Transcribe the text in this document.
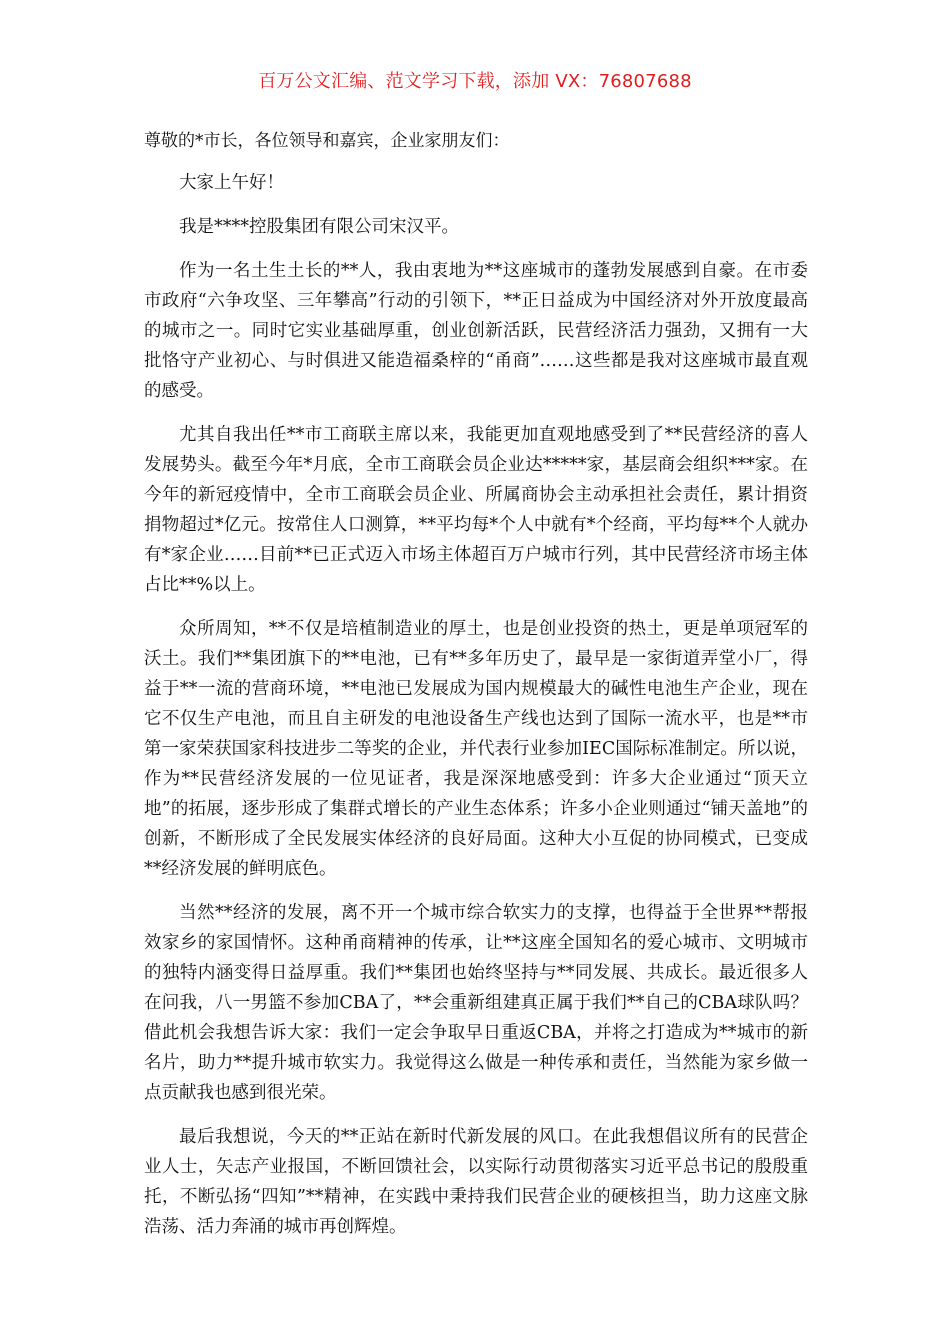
百万公文汇编、范文学习下载，添加 VX：76807688

尊敬的*市长，各位领导和嘉宾，企业家朋友们：

大家上午好！

我是****控股集团有限公司宋汉平。

作为一名土生土长的**人，我由衷地为**这座城市的蓬勃发展感到自豪。在市委市政府“六争攻坚、三年攀高”行动的引领下，**正日益成为中国经济对外开放度最高的城市之一。同时它实业基础厚重，创业创新活跃，民营经济活力强劲，又拥有一大批恪守产业初心、与时俱进又能造福桑梓的“甬商”……这些都是我对这座城市最直观的感受。

尤其自我出任**市工商联主席以来，我能更加直观地感受到了**民营经济的喜人发展势头。截至今年*月底，全市工商联会员企业达*****家，基层商会组织***家。在今年的新冠疫情中，全市工商联会员企业、所属商协会主动承担社会责任，累计捐资捐物超过*亿元。按常住人口测算，**平均每*个人中就有*个经商，平均每**个人就办有*家企业……目前**已正式迈入市场主体超百万户城市行列，其中民营经济市场主体占比**%以上。

众所周知，**不仅是培植制造业的厚土，也是创业投资的热土，更是单项冠军的沃土。我们**集团旗下的**电池，已有**多年历史了，最早是一家街道弄堂小厂，得益于**一流的营商环境，**电池已发展成为国内规模最大的碱性电池生产企业，现在它不仅生产电池，而且自主研发的电池设备生产线也达到了国际一流水平，也是**市第一家荣获国家科技进步二等奖的企业，并代表行业参加IEC国际标准制定。所以说，作为**民营经济发展的一位见证者，我是深深地感受到：许多大企业通过“顶天立地”的拓展，逐步形成了集群式增长的产业生态体系；许多小企业则通过“铺天盖地”的创新，不断形成了全民发展实体经济的良好局面。这种大小互促的协同模式，已变成**经济发展的鲜明底色。

当然**经济的发展，离不开一个城市综合软实力的支撑，也得益于全世界**帮报效家乡的家国情怀。这种甬商精神的传承，让**这座全国知名的爱心城市、文明城市的独特内涵变得日益厚重。我们**集团也始终坚持与**同发展、共成长。最近很多人在问我，八一男篮不参加CBA了，**会重新组建真正属于我们**自己的CBA球队吗？借此机会我想告诉大家：我们一定会争取早日重返CBA，并将之打造成为**城市的新名片，助力**提升城市软实力。我觉得这么做是一种传承和责任，当然能为家乡做一点贡献我也感到很光荣。

最后我想说，今天的**正站在新时代新发展的风口。在此我想倡议所有的民营企业人士，矢志产业报国，不断回馈社会，以实际行动贯彻落实习近平总书记的殷殷重托，不断弘扬“四知”**精神，在实践中秉持我们民营企业的硬核担当，助力这座文脉浩荡、活力奔涌的城市再创辉煌。
